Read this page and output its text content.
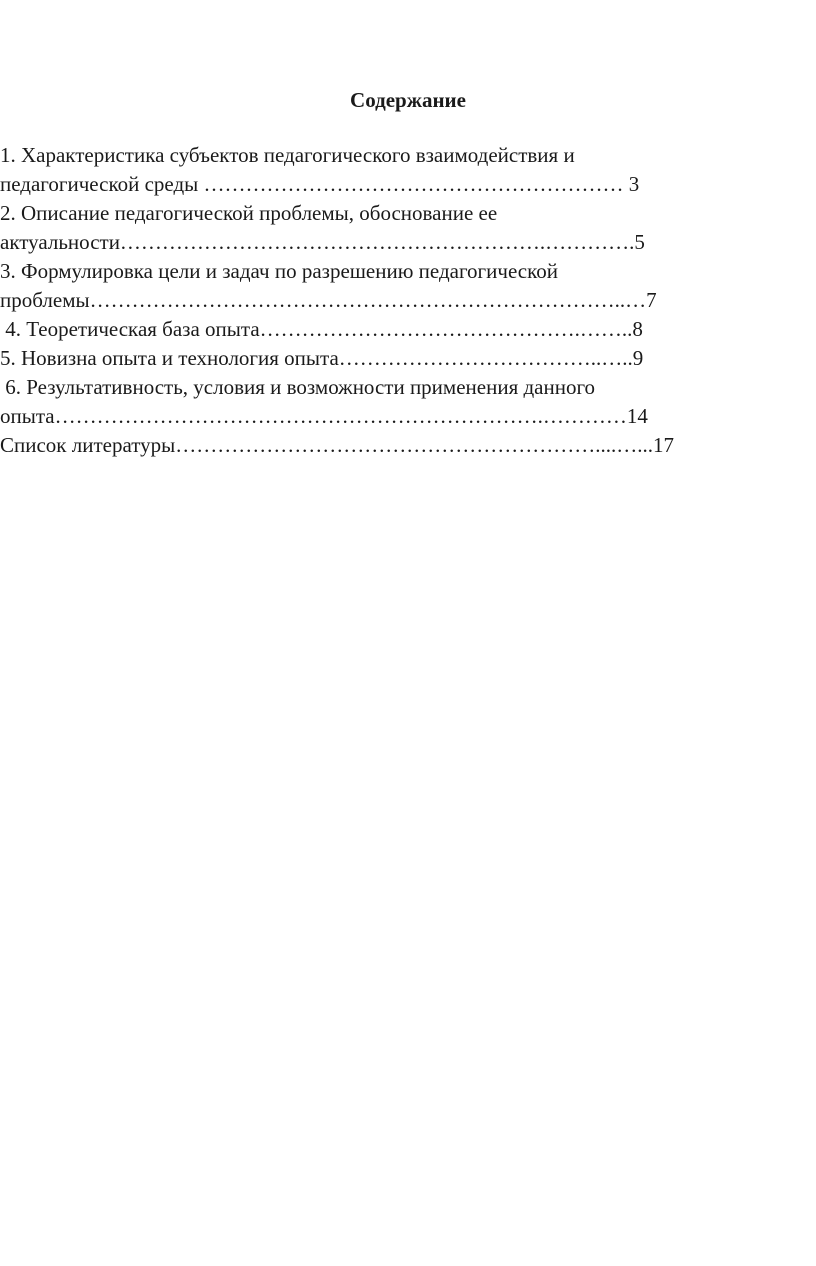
Содержание
1. Характеристика субъектов педагогического взаимодействия и
педагогической среды …………………………………………………… 3
2. Описание педагогической проблемы, обоснование ее
актуальности…………………………………………………….………….5
3. Формулировка цели и задач по разрешению педагогической
проблемы…………………………………………………………………..…7
4. Теоретическая база опыта……………………………………….……..8
5. Новизна опыта и технология опыта………………………………..…..9
6. Результативность, условия и возможности применения данного
опыта…………………………………………………………….…………14
Список литературы……………………………………………………....…...17
